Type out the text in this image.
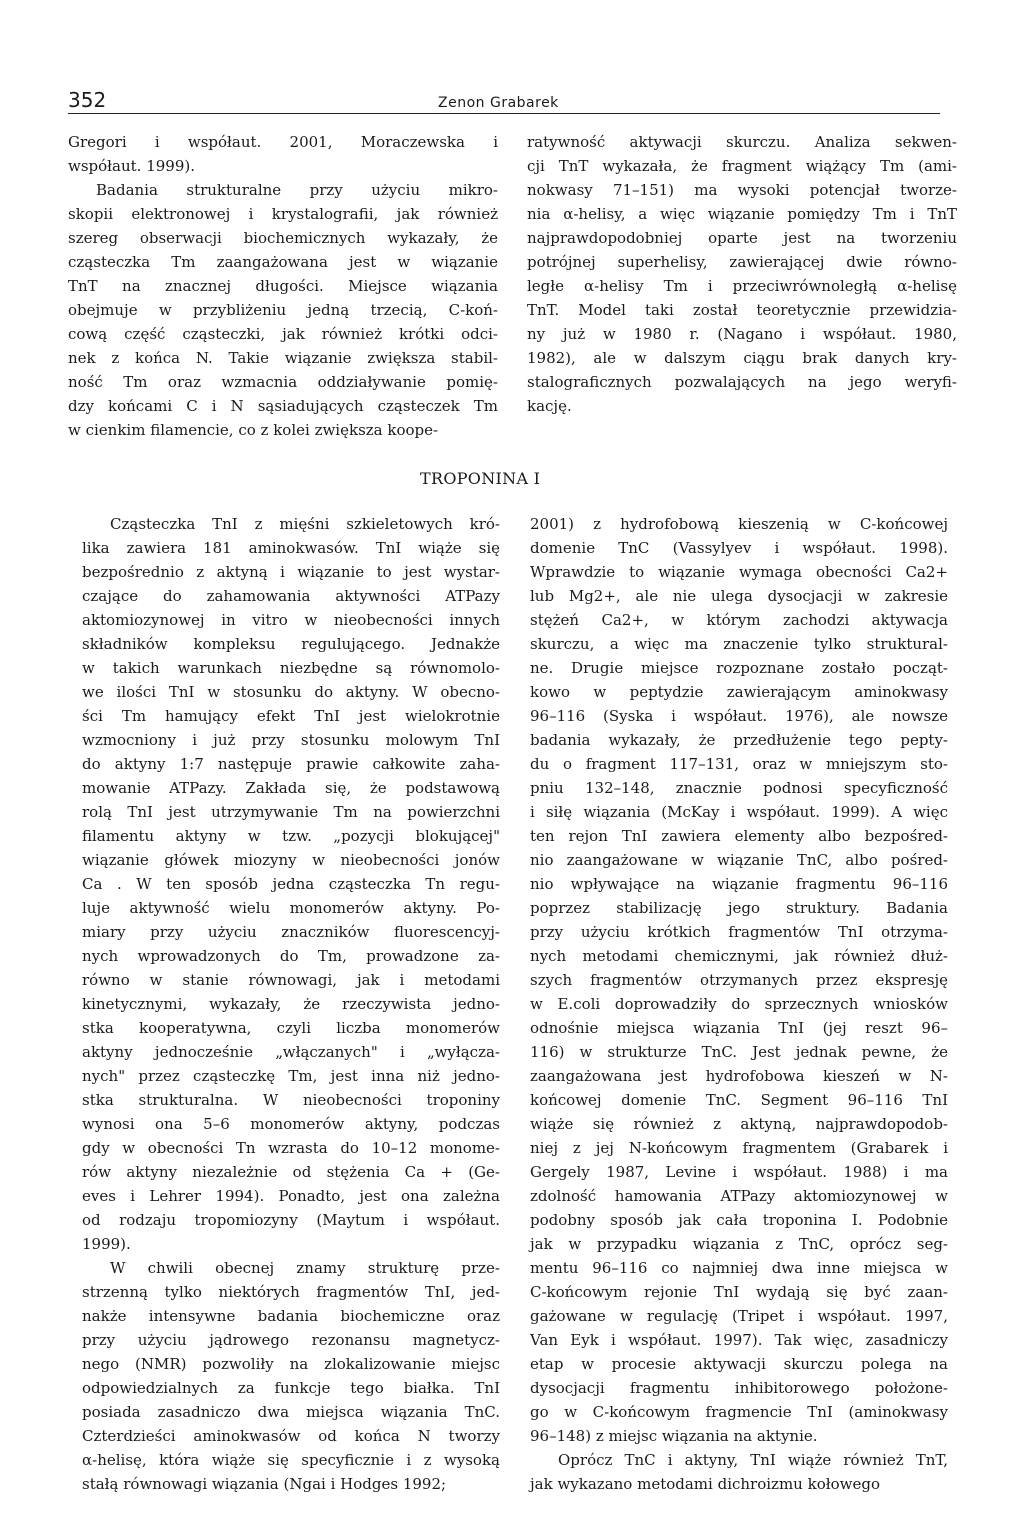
352	Zenon Grabarek
Gregori i współaut. 2001, Moraczewska i
współaut. 1999).
Badania strukturalne przy użyciu mikro-
skopii elektronowej i krystalografii, jak również
szereg obserwacji biochemicznych wykazały, że
cząsteczka Tm zaangażowana jest w wiązanie
TnT na znacznej długości. Miejsce wiązania
obejmuje w przybliżeniu jedną trzecią, C-koń-
cową część cząsteczki, jak również krótki odci-
nek z końca N. Takie wiązanie zwiększa stabil-
ność Tm oraz wzmacnia oddziaływanie pomię-
dzy końcami C i N sąsiadujących cząsteczek Tm
w cienkim filamencie, co z kolei zwiększa koope-
ratywność aktywacji skurczu. Analiza sekwen-
cji TnT wykazała, że fragment wiążący Tm (ami-
nokwasy 71–151) ma wysoki potencjał tworze-
nia α-helisy, a więc wiązanie pomiędzy Tm i TnT
najprawdopodobniej oparte jest na tworzeniu
potrójnej superhelisy, zawierającej dwie równo-
ległe α-helisy Tm i przeciwrównoległą α-helisę
TnT. Model taki został teoretycznie przewidzia-
ny już w 1980 r. (Nagano i współaut. 1980,
1982), ale w dalszym ciągu brak danych kry-
stalograficznych pozwalających na jego weryfi-
kację.
TROPONINA I
Cząsteczka TnI z mięśni szkieletowych kró-
lika zawiera 181 aminokwasów. TnI wiąże się
bezpośrednio z aktyną i wiązanie to jest wystar-
czające do zahamowania aktywności ATPazy
aktomiozynowej in vitro w nieobecności innych
składników kompleksu regulującego. Jednakże
w takich warunkach niezbędne są równomolo-
we ilości TnI w stosunku do aktyny. W obecno-
ści Tm hamujący efekt TnI jest wielokrotnie
wzmocniony i już przy stosunku molowym TnI
do aktyny 1:7 następuje prawie całkowite zaha-
mowanie ATPazy. Zakłada się, że podstawową
rolą TnI jest utrzymywanie Tm na powierzchni
filamentu aktyny w tzw. „pozycji blokującej"
wiązanie główek miozyny w nieobecności jonów
Ca . W ten sposób jedna cząsteczka Tn regu-
luje aktywność wielu monomerów aktyny. Po-
miary przy użyciu znaczników fluorescencyj-
nych wprowadzonych do Tm, prowadzone za-
równo w stanie równowagi, jak i metodami
kinetycznymi, wykazały, że rzeczywista jedno-
stka kooperatywna, czyli liczba monomerów
aktyny jednocześnie „włączanych" i „wyłącza-
nych" przez cząsteczkę Tm, jest inna niż jedno-
stka strukturalna. W nieobecności troponiny
wynosi ona 5–6 monomerów aktyny, podczas
gdy w obecności Tn wzrasta do 10–12 monome-
rów aktyny niezależnie od stężenia Ca + (Ge-
eves i Lehrer 1994). Ponadto, jest ona zależna
od rodzaju tropomiozyny (Maytum i współaut.
1999).
W chwili obecnej znamy strukturę prze-
strzenną tylko niektórych fragmentów TnI, jed-
nakże intensywne badania biochemiczne oraz
przy użyciu jądrowego rezonansu magnetycz-
nego (NMR) pozwoliły na zlokalizowanie miejsc
odpowiedzialnych za funkcje tego białka. TnI
posiada zasadniczo dwa miejsca wiązania TnC.
Czterdzieści aminokwasów od końca N tworzy
α-helisę, która wiąże się specyficznie i z wysoką
stałą równowagi wiązania (Ngai i Hodges 1992;
2001) z hydrofobową kieszenią w C-końcowej
domenie TnC (Vassylyev i współaut. 1998).
Wprawdzie to wiązanie wymaga obecności Ca2+
lub Mg2+, ale nie ulega dysocjacji w zakresie
stężeń Ca2+, w którym zachodzi aktywacja
skurczu, a więc ma znaczenie tylko struktural-
ne. Drugie miejsce rozpoznane zostało począt-
kowo w peptydzie zawierającym aminokwasy
96–116 (Syska i współaut. 1976), ale nowsze
badania wykazały, że przedłużenie tego pepty-
du o fragment 117–131, oraz w mniejszym sto-
pniu 132–148, znacznie podnosi specyficzność
i siłę wiązania (McKay i współaut. 1999). A więc
ten rejon TnI zawiera elementy albo bezpośred-
nio zaangażowane w wiązanie TnC, albo pośred-
nio wpływające na wiązanie fragmentu 96–116
poprzez stabilizację jego struktury. Badania
przy użyciu krótkich fragmentów TnI otrzyma-
nych metodami chemicznymi, jak również dłuż-
szych fragmentów otrzymanych przez ekspresję
w E.coli doprowadziły do sprzecznych wniosków
odnośnie miejsca wiązania TnI (jej reszt 96–
116) w strukturze TnC. Jest jednak pewne, że
zaangażowana jest hydrofobowa kieszeń w N-
końcowej domenie TnC. Segment 96–116 TnI
wiąże się również z aktyną, najprawdopodob-
niej z jej N-końcowym fragmentem (Grabarek i
Gergely 1987, Levine i współaut. 1988) i ma
zdolność hamowania ATPazy aktomiozynowej w
podobny sposób jak cała troponina I. Podobnie
jak w przypadku wiązania z TnC, oprócz seg-
mentu 96–116 co najmniej dwa inne miejsca w
C-końcowym rejonie TnI wydają się być zaan-
gażowane w regulację (Tripet i współaut. 1997,
Van Eyk i współaut. 1997). Tak więc, zasadniczy
etap w procesie aktywacji skurczu polega na
dysocjacji fragmentu inhibitorowego położone-
go w C-końcowym fragmencie TnI (aminokwasy
96–148) z miejsc wiązania na aktynie.
Oprócz TnC i aktyny, TnI wiąże również TnT,
jak wykazano metodami dichroizmu kołowego
